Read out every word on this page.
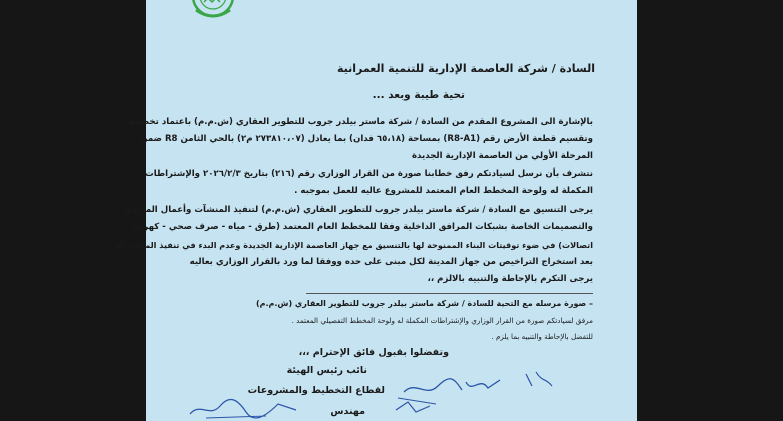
السادة / شركة العاصمة الإدارية للتنمية العمرانية
تحية طيبة وبعد ...
بالإشارة الى المشروع المقدم من السادة / شركة ماستر بيلدر جروب للتطوير العقاري (ش.م.م) باعتماد تخطيط
وتقسيم قطعة الأرض رقم (R8-A1) بمساحة (٦٥،١٨ فدان) بما يعادل (٢٧٣٨١٠،٠٧ م٢) بالحي الثامن R8 ضمن
المرحلة الأولي من العاصمة الإدارية الجديدة
نتشرف بأن نرسل لسيادتكم رفق خطابنا صورة من القرار الوزاري رقم (٢١٦) بتاريخ ٢٠٢٦/٢/٣ والإشتراطات
المكملة له ولوحة المخطط العام المعتمد للمشروع عاليه للعمل بموجبه .
يرجى التنسيق مع السادة / شركة ماستر بيلدر جروب للتطوير العقاري (ش.م.م) لتنفيذ المنشآت وأعمال المرافق
والتصميمات الخاصة بشبكات المرافق الداخلية وفقا للمخطط العام المعتمد (طرق - مياه - صرف صحي - كهرباء -
اتصالات) في ضوء توقيتات البناء الممنوحة لها بالتنسيق مع جهاز العاصمة الإدارية الجديدة وعدم البدء في تنفيذ المباني إلا
بعد استخراج التراخيص من جهاز المدينة لكل مبنى على حده ووفقا لما ورد بالقرار الوزاري بعاليه
يرجى التكرم بالإحاطة والتنبيه بالالزم ،،
– صورة مرسله مع التحية للسادة / شركة ماستر بيلدر جروب للتطوير العقاري (ش.م.م)
مرفق لسيادتكم صورة من القرار الوزاري والإشتراطات المكملة له ولوحة المخطط التفصيلي المعتمد .
للتفضل بالإحاطة والتنبيه بما يلزم .
وتفضلوا بقبول فائق الإحترام ،،،
نائب رئيس الهيئة
لقطاع التخطيط والمشروعات
مهندس
